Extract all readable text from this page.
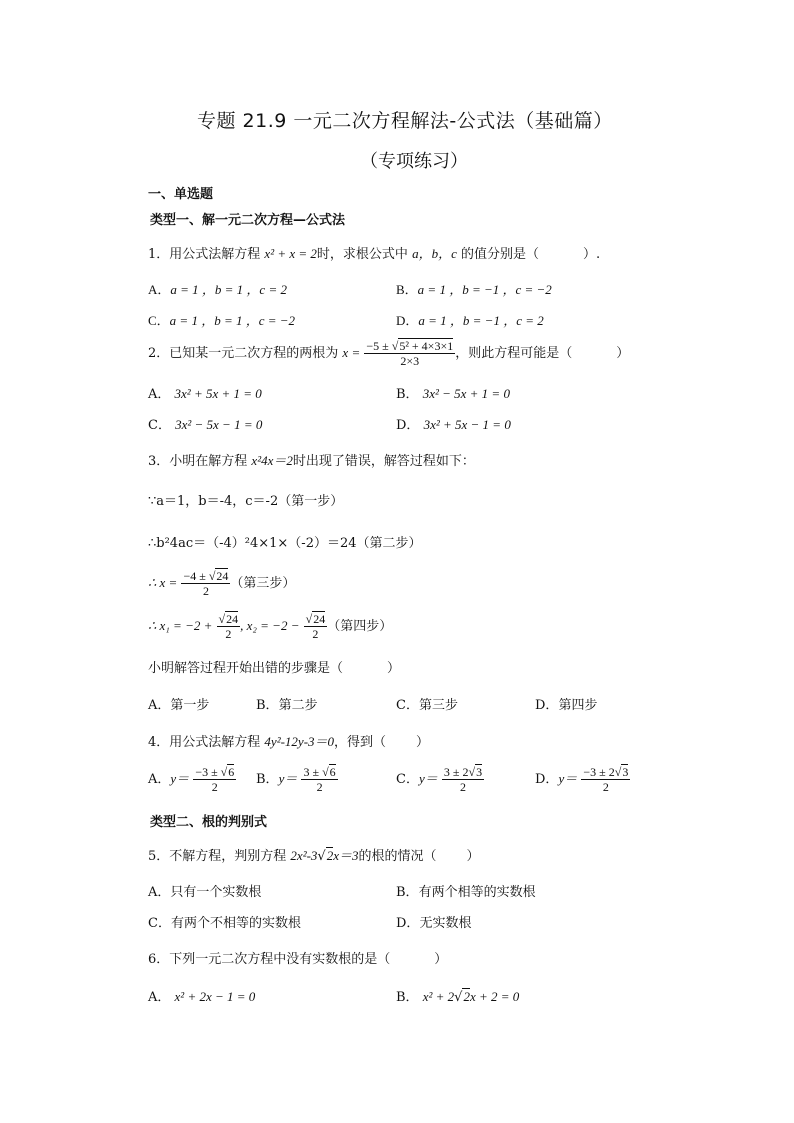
专题 21.9 一元二次方程解法-公式法（基础篇）
（专项练习）
一、单选题
类型一、解一元二次方程—公式法
1．用公式法解方程 x² + x = 2时，求根公式中 a，b，c 的值分别是（	）.
A．a = 1 ，b = 1 ，c = 2	B．a = 1 ，b = −1 ，c = −2
C．a = 1 ，b = 1 ，c = −2	D．a = 1 ，b = −1 ，c = 2
2．已知某一元二次方程的两根为 $x = \frac{\text{−5 ± √5² + 4×3×1}}{2\times 3}$ ，则此方程可能是（	）
A． 3x² + 5x + 1 = 0	B． 3x² − 5x + 1 = 0
C． 3x² − 5x − 1 = 0	D． 3x² + 5x − 1 = 0
3．小明在解方程 x²4x＝2时出现了错误，解答过程如下：
∵a＝1，b＝-4，c＝-2（第一步）
∴b²4ac＝（-4）²4×1×（-2）＝24（第二步）
∴ $x = \frac{-4 \pm √24}{2}$ （第三步）
∴ $x_1 = -2 + \frac{√24}{2}$ , $x_2 = -2 - \frac{√24}{2}$ （第四步）
小明解答过程开始出错的步骤是（	）
A．第一步	B．第二步	C．第三步	D．第四步
4．用公式法解方程 4y²-12y-3＝0，得到（ ）
A．$y= \frac{-3 \pm √6}{2}$ B．$y= \frac{3 \pm √6}{2}$	C．$y= \frac{3 \pm 2√3}{2}$	D．$y= \frac{-3 \pm 2√3}{2}$
类型二、根的判别式
5．不解方程，判别方程 2x²-3√2x＝3的根的情况（ ）
A．只有一个实数根	B．有两个相等的实数根
C．有两个不相等的实数根	D．无实数根
6．下列一元二次方程中没有实数根的是（	）
A． x² + 2x − 1 = 0	B． x² + 2√2x + 2 = 0
